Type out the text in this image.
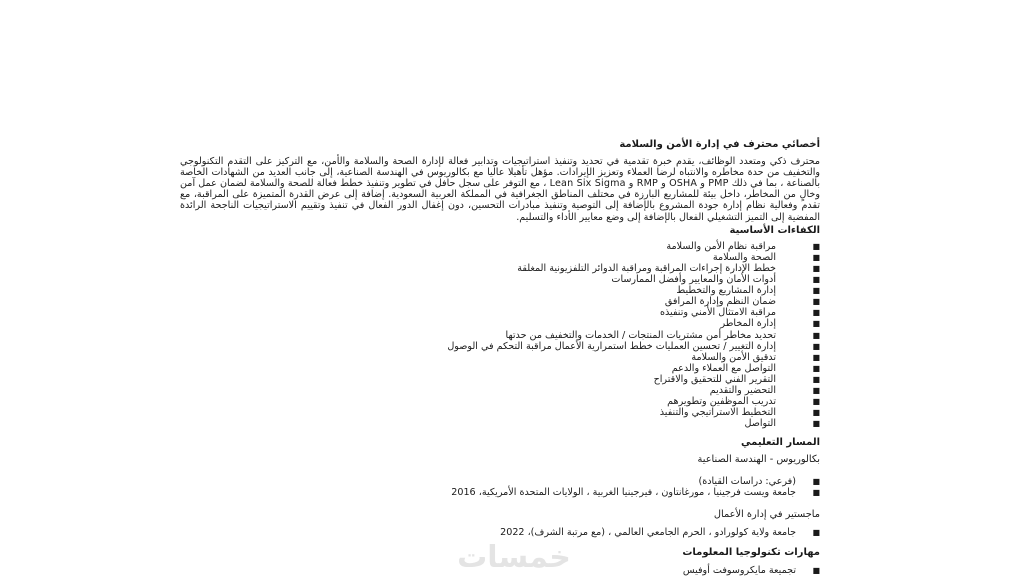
أخصائي محترف في إدارة الأمن والسلامة

محترف ذكي ومتعدد الوظائف، يقدم خبرة تقدمية في تحديد وتنفيذ استراتيجيات وتدابير فعالة لإدارة الصحة والسلامة والأمن، مع التركيز على التقدم التكنولوجي والتخفيف من حدة مخاطره والانتباه لرضا العملاء وتعزيز الإيرادات. مؤهل تأهيلا عاليا مع بكالوريوس في الهندسة الصناعية، إلى جانب العديد من الشهادات الخاصة بالصناعة ، بما في ذلك PMP و OSHA و RMP و Lean Six Sigma ، مع التوفر على سجل حافل في تطوير وتنفيذ خطط فعالة للصحة والسلامة لضمان عمل آمن وخالٍ من المخاطر، داخل بيئة للمشاريع البارزة في مختلف المناطق الجغرافية في المملكة العربية السعودية. إضافة إلى عرض القدرة المتميزة على المراقبة، مع تقدم وفعالية نظام إدارة جودة المشروع بالإضافة إلى التوصية وتنفيذ مبادرات التحسين، دون إغفال الدور الفعال في تنفيذ وتقييم الاستراتيجيات الناجحة الرائدة المفضية إلى التميز التشغيلي الفعال بالإضافة إلى وضع معايير الأداء والتسليم.

الكفاءات الأساسية

■
مراقبة نظام الأمن والسلامة
■
الصحة والسلامة
■
خطط الإدارة إجراءات المراقبة ومراقبة الدوائر التلفزيونية المغلقة
■
أدوات الأمان والمعايير وأفضل الممارسات
■
إدارة المشاريع والتخطيط
■
ضمان النظم وإدارة المرافق
■
مراقبة الامتثال الأمني وتنفيذه
■
إدارة المخاطر
■
تحديد مخاطر أمن مشتريات المنتجات / الخدمات والتخفيف من حدتها
■
إدارة التغيير / تحسين العمليات خطط استمرارية الأعمال مراقبة التحكم في الوصول
■
تدقيق الأمن والسلامة
■
التواصل مع العملاء والدعم
■
التقرير الفني للتحقيق والاقتراح
■
التحضير والتقديم
■
تدريب الموظفين وتطويرهم
■
التخطيط الاستراتيجي والتنفيذ
■
التواصل

المسار التعليمي

بكالوريوس - الهندسة الصناعية

■
(فرعي: دراسات القيادة)
■
جامعة ويست فرجينيا ، مورغانتاون ، فيرجينيا الغربية ، الولايات المتحدة الأمريكية، 2016

ماجستير في إدارة الأعمال

■
جامعة ولاية كولورادو ، الحرم الجامعي العالمي ، (مع مرتبة الشرف)، 2022

مهارات تكنولوجيا المعلومات

■
تجميعة مايكروسوفت أوفيس
خمسات
